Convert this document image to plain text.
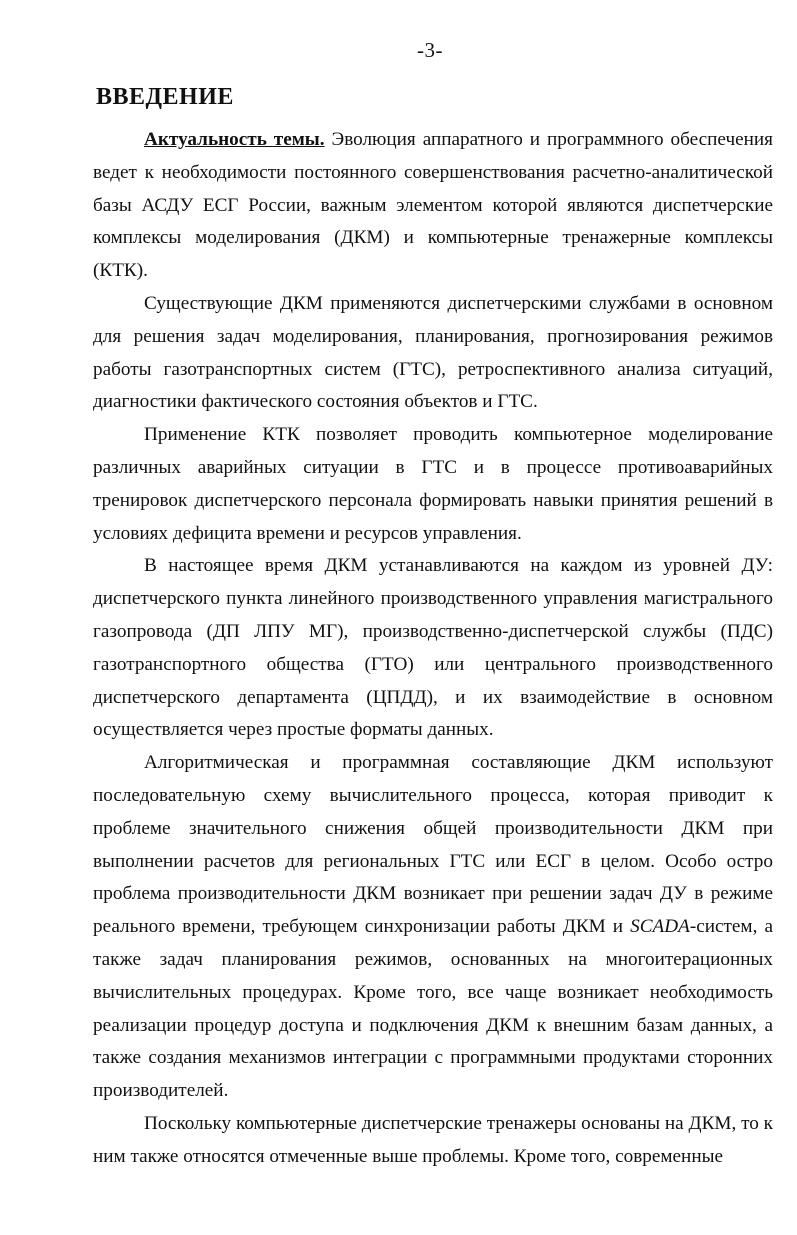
-3-
ВВЕДЕНИЕ

Актуальность темы. Эволюция аппаратного и программного обеспечения ведет к необходимости постоянного совершенствования расчетно-аналитической базы АСДУ ЕСГ России, важным элементом которой являются диспетчерские комплексы моделирования (ДКМ) и компьютерные тренажерные комплексы (КТК).

Существующие ДКМ применяются диспетчерскими службами в основном для решения задач моделирования, планирования, прогнозирования режимов работы газотранспортных систем (ГТС), ретроспективного анализа ситуаций, диагностики фактического состояния объектов и ГТС.

Применение КТК позволяет проводить компьютерное моделирование различных аварийных ситуации в ГТС и в процессе противоаварийных тренировок диспетчерского персонала формировать навыки принятия решений в условиях дефицита времени и ресурсов управления.

В настоящее время ДКМ устанавливаются на каждом из уровней ДУ: диспетчерского пункта линейного производственного управления магистрального газопровода (ДП ЛПУ МГ), производственно-диспетчерской службы (ПДС) газотранспортного общества (ГТО) или центрального производственного диспетчерского департамента (ЦПДД), и их взаимодействие в основном осуществляется через простые форматы данных.

Алгоритмическая и программная составляющие ДКМ используют последовательную схему вычислительного процесса, которая приводит к проблеме значительного снижения общей производительности ДКМ при выполнении расчетов для региональных ГТС или ЕСГ в целом. Особо остро проблема производительности ДКМ возникает при решении задач ДУ в режиме реального времени, требующем синхронизации работы ДКМ и SCADA-систем, а также задач планирования режимов, основанных на многоитерационных вычислительных процедурах. Кроме того, все чаще возникает необходимость реализации процедур доступа и подключения ДКМ к внешним базам данных, а также создания механизмов интеграции с программными продуктами сторонних производителей.

Поскольку компьютерные диспетчерские тренажеры основаны на ДКМ, то к ним также относятся отмеченные выше проблемы. Кроме того, современные
